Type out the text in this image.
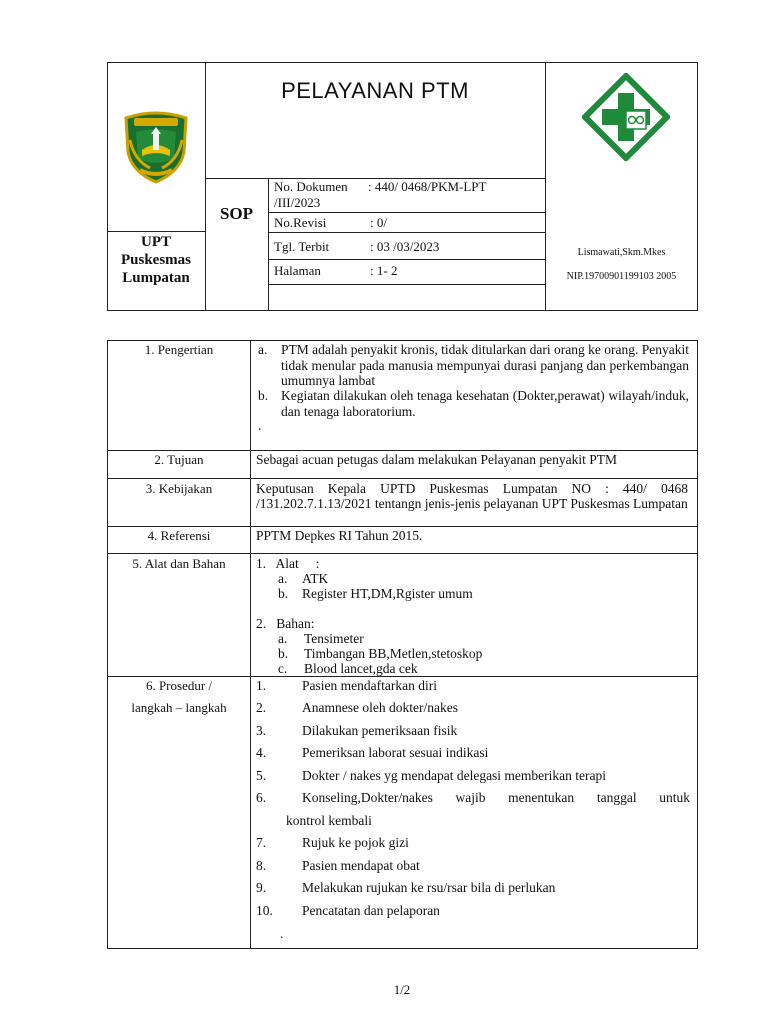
PELAYANAN PTM
SOP
UPT
Puskesmas
Lumpatan
No. Dokumen : 440/ 0468/PKM-LPT
/III/2023
No.Revisi	: 0/
Tgl. Terbit	: 03 /03/2023
Halaman	: 1- 2
Lismawati,Skm.Mkes
NIP.19700901199103 2005
1. Pengertian	a. PTM adalah penyakit kronis, tidak ditularkan dari orang ke orang. Penyakit tidak menular pada manusia mempunyai durasi panjang dan perkembangan umumnya lambat
b. Kegiatan dilakukan oleh tenaga kesehatan (Dokter,perawat) wilayah/induk, dan tenaga laboratorium.
.
2. Tujuan	Sebagai acuan petugas dalam melakukan Pelayanan penyakit PTM
3. Kebijakan	Keputusan Kepala UPTD Puskesmas Lumpatan NO : 440/ 0468 /131.202.7.1.13/2021 tentangn jenis-jenis pelayanan UPT Puskesmas Lumpatan
4. Referensi	PPTM Depkes RI Tahun 2015.
5. Alat dan Bahan	1.   Alat     :
a. ATK
b. Register HT,DM,Rgister umum
2.   Bahan:
a. Tensimeter
b. Timbangan BB,Metlen,stetoskop
c. Blood lancet,gda cek
6. Prosedur /
langkah – langkah
1.	Pasien mendaftarkan diri
2.	Anamnese oleh dokter/nakes
3.	Dilakukan pemeriksaan fisik
4.	Pemeriksan laborat sesuai indikasi
5.	Dokter / nakes yg mendapat delegasi memberikan terapi
6.	Konseling,Dokter/nakes wajib menentukan tanggal untuk
kontrol kembali
7.	Rujuk ke pojok gizi
8.	Pasien mendapat obat
9.	Melakukan rujukan ke rsu/rsar bila di perlukan
10. Pencatatan dan pelaporan
.
1/2
